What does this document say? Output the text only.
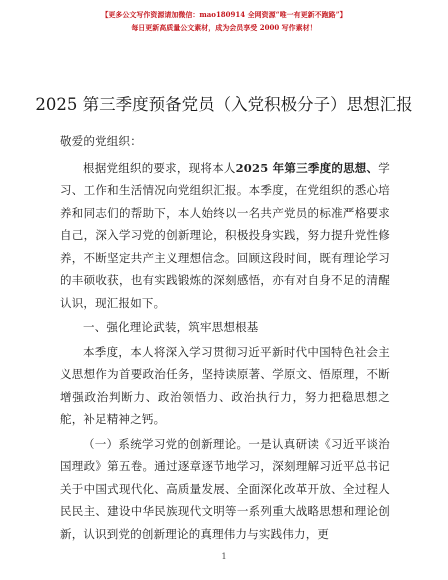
【更多公文写作资源请加微信：mao180914 全网资源“唯一有更新不跑路”】
每日更新高质量公文素材，成为会员享受 2000 写作素材！
2025 第三季度预备党员（入党积极分子）思想汇报

敬爱的党组织：

根据党组织的要求，现将本人2025 年第三季度的思想、学习、工作和生活情况向党组织汇报。本季度，在党组织的悉心培养和同志们的帮助下，本人始终以一名共产党员的标准严格要求自己，深入学习党的创新理论，积极投身实践，努力提升党性修养，不断坚定共产主义理想信念。回顾这段时间，既有理论学习的丰硕收获，也有实践锻炼的深刻感悟，亦有对自身不足的清醒认识，现汇报如下。

一、强化理论武装，筑牢思想根基

本季度，本人将深入学习贯彻习近平新时代中国特色社会主义思想作为首要政治任务，坚持读原著、学原文、悟原理，不断增强政治判断力、政治领悟力、政治执行力，努力把稳思想之舵，补足精神之钙。

（一）系统学习党的创新理论。一是认真研读《习近平谈治国理政》第五卷。通过逐章逐节地学习，深刻理解习近平总书记关于中国式现代化、高质量发展、全面深化改革开放、全过程人民民主、建设中华民族现代文明等一系列重大战略思想和理论创新，认识到党的创新理论的真理伟力与实践伟力，更

1
